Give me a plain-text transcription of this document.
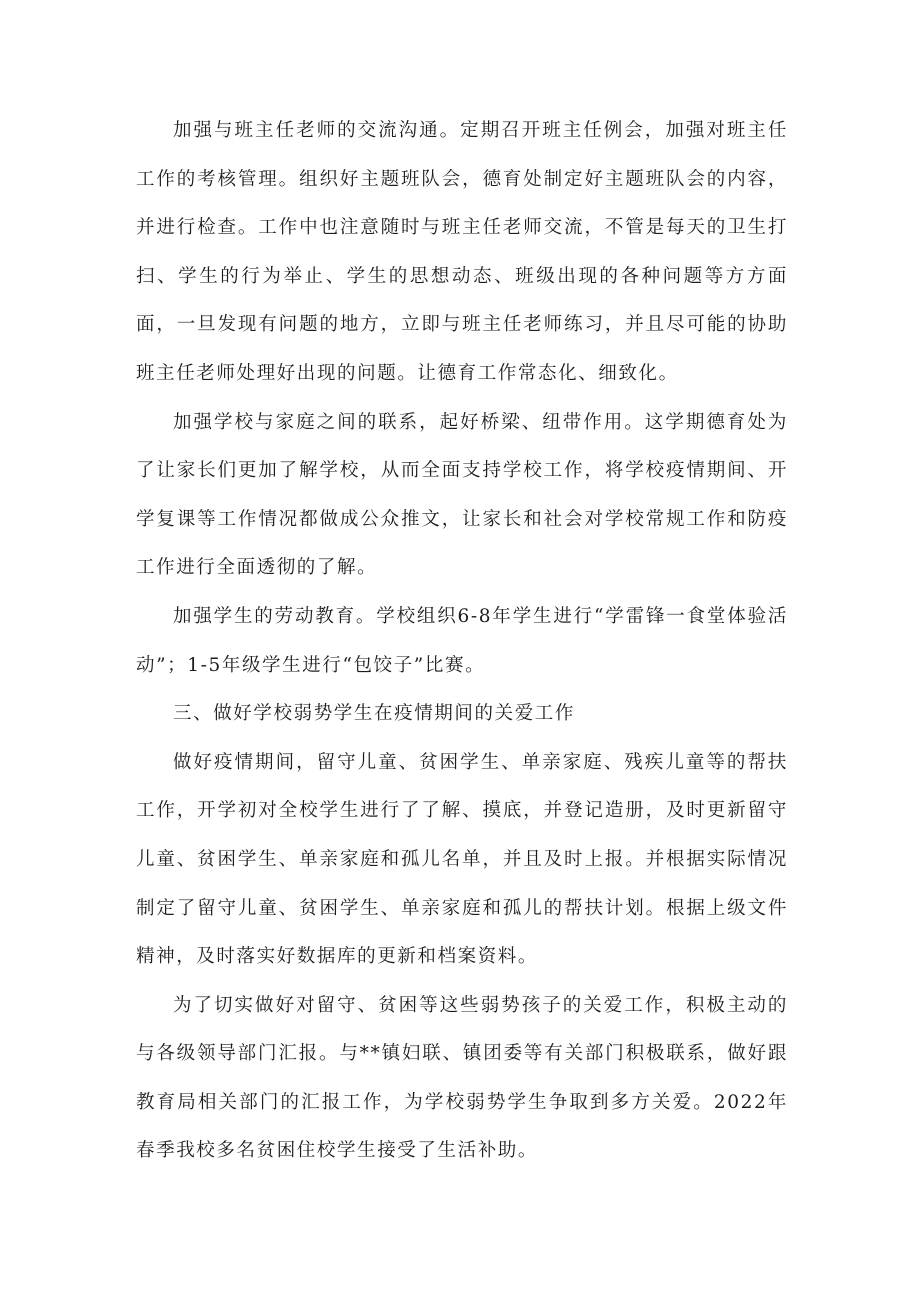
加强与班主任老师的交流沟通。定期召开班主任例会，加强对班主任工作的考核管理。组织好主题班队会，德育处制定好主题班队会的内容，并进行检查。工作中也注意随时与班主任老师交流，不管是每天的卫生打扫、学生的行为举止、学生的思想动态、班级出现的各种问题等方方面面，一旦发现有问题的地方，立即与班主任老师练习，并且尽可能的协助班主任老师处理好出现的问题。让德育工作常态化、细致化。

加强学校与家庭之间的联系，起好桥梁、纽带作用。这学期德育处为了让家长们更加了解学校，从而全面支持学校工作，将学校疫情期间、开学复课等工作情况都做成公众推文，让家长和社会对学校常规工作和防疫工作进行全面透彻的了解。

加强学生的劳动教育。学校组织6-8年学生进行“学雷锋一食堂体验活动”；1-5年级学生进行“包饺子”比赛。

三、做好学校弱势学生在疫情期间的关爱工作

做好疫情期间，留守儿童、贫困学生、单亲家庭、残疾儿童等的帮扶工作，开学初对全校学生进行了了解、摸底，并登记造册，及时更新留守儿童、贫困学生、单亲家庭和孤儿名单，并且及时上报。并根据实际情况制定了留守儿童、贫困学生、单亲家庭和孤儿的帮扶计划。根据上级文件精神，及时落实好数据库的更新和档案资料。

为了切实做好对留守、贫困等这些弱势孩子的关爱工作，积极主动的与各级领导部门汇报。与**镇妇联、镇团委等有关部门积极联系，做好跟教育局相关部门的汇报工作，为学校弱势学生争取到多方关爱。2022年春季我校多名贫困住校学生接受了生活补助。
